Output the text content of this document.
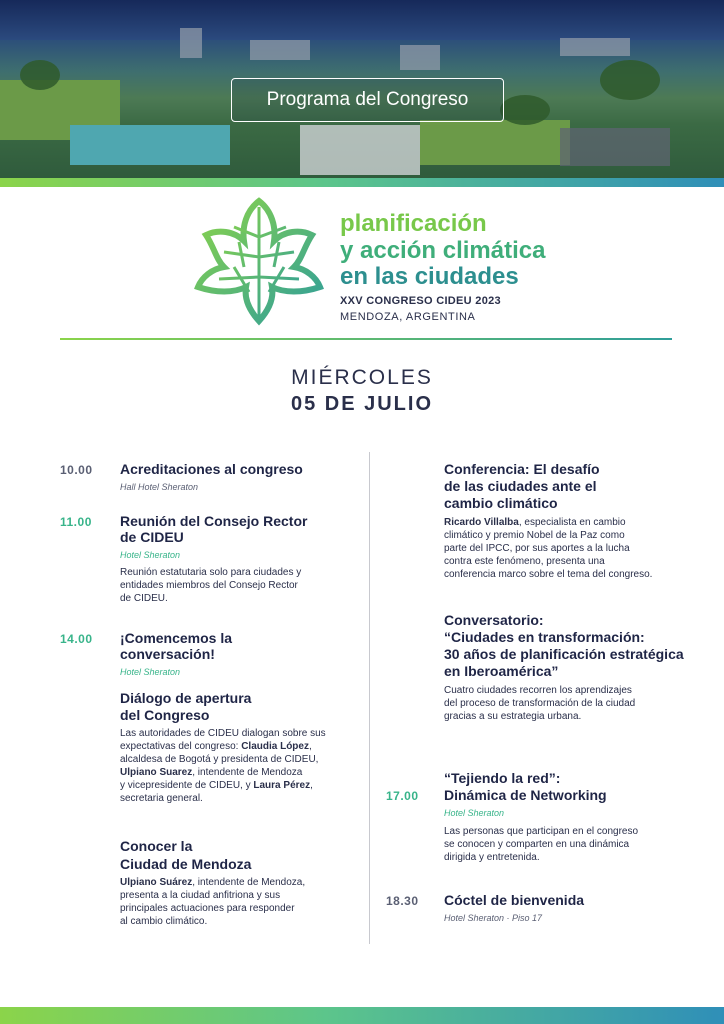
Programa del Congreso
planificación
y acción climática
en las ciudades
XXV CONGRESO CIDEU 2023
MENDOZA, ARGENTINA
MIÉRCOLES
05 DE JULIO
10.00 Acreditaciones al congreso
Hall Hotel Sheraton
11.00 Reunión del Consejo Rector
de CIDEU
Hotel Sheraton
Reunión estatutaria solo para ciudades y
entidades miembros del Consejo Rector
de CIDEU.
14.00 ¡Comencemos la
conversación!
Hotel Sheraton
Diálogo de apertura
del Congreso
Las autoridades de CIDEU dialogan sobre sus
expectativas del congreso: Claudia López,
alcaldesa de Bogotá y presidenta de CIDEU,
Ulpiano Suarez, intendente de Mendoza
y vicepresidente de CIDEU, y Laura Pérez,
secretaria general.
Conocer la
Ciudad de Mendoza
Ulpiano Suárez, intendente de Mendoza,
presenta a la ciudad anfitriona y sus
principales actuaciones para responder
al cambio climático.
Conferencia: El desafío
de las ciudades ante el
cambio climático
Ricardo Villalba, especialista en cambio
climático y premio Nobel de la Paz como
parte del IPCC, por sus aportes a la lucha
contra este fenómeno, presenta una
conferencia marco sobre el tema del congreso.
Conversatorio:
“Ciudades en transformación:
30 años de planificación estratégica
en Iberoamérica”
Cuatro ciudades recorren los aprendizajes
del proceso de transformación de la ciudad
gracias a su estrategia urbana.
“Tejiendo la red”:
17.00 Dinámica de Networking
Hotel Sheraton
Las personas que participan en el congreso
se conocen y comparten en una dinámica
dirigida y entretenida.
18.30 Cóctel de bienvenida
Hotel Sheraton · Piso 17
